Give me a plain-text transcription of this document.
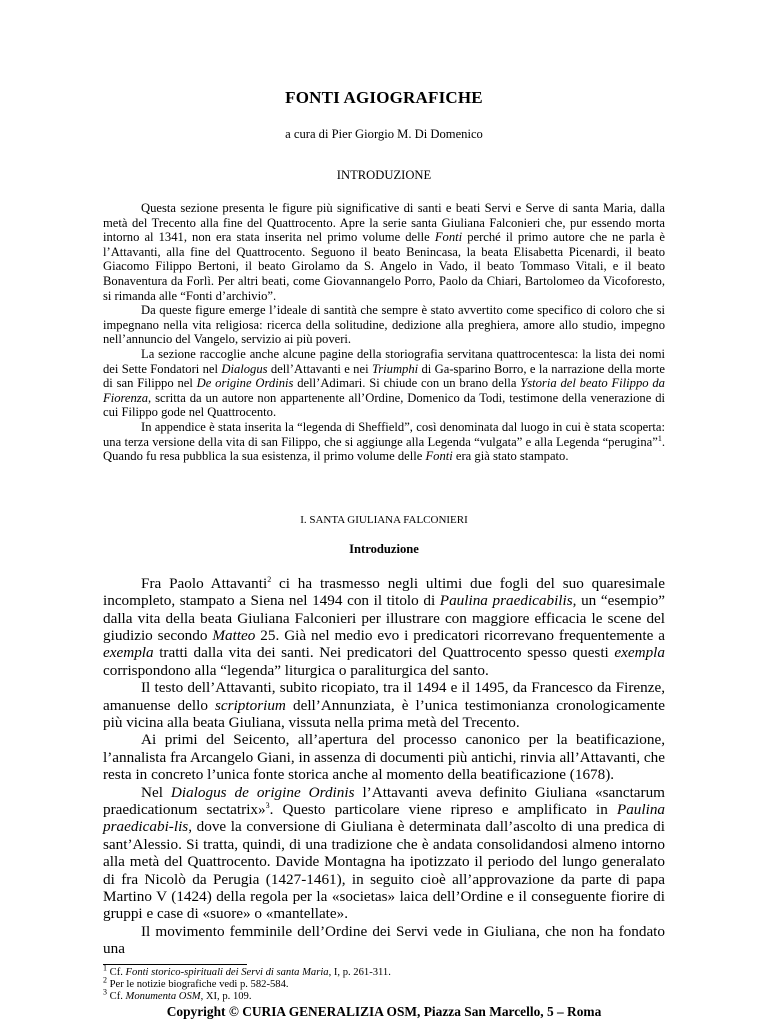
FONTI AGIOGRAFICHE
a cura di Pier Giorgio M. Di Domenico
INTRODUZIONE

Questa sezione presenta le figure più significative di santi e beati Servi e Serve di santa Maria, dalla metà del Trecento alla fine del Quattrocento. Apre la serie santa Giuliana Falconieri che, pur essendo morta intorno al 1341, non era stata inserita nel primo volume delle Fonti perché il primo autore che ne parla è l’Attavanti, alla fine del Quattrocento. Seguono il beato Benincasa, la beata Elisabetta Picenardi, il beato Giacomo Filippo Bertoni, il beato Girolamo da S. Angelo in Vado, il beato Tommaso Vitali, e il beato Bonaventura da Forlì. Per altri beati, come Giovannangelo Porro, Paolo da Chiari, Bartolomeo da Vicoforesto, si rimanda alle “Fonti d’archivio”.

Da queste figure emerge l’ideale di santità che sempre è stato avvertito come specifico di coloro che si impegnano nella vita religiosa: ricerca della solitudine, dedizione alla preghiera, amore allo studio, impegno nell’annuncio del Vangelo, servizio ai più poveri.

La sezione raccoglie anche alcune pagine della storiografia servitana quattrocentesca: la lista dei nomi dei Sette Fondatori nel Dialogus dell’Attavanti e nei Triumphi di Ga-sparino Borro, e la narrazione della morte di san Filippo nel De origine Ordinis dell’Adimari. Si chiude con un brano della Ystoria del beato Filippo da Fiorenza, scritta da un autore non appartenente all’Ordine, Domenico da Todi, testimone della venerazione di cui Filippo gode nel Quattrocento.

In appendice è stata inserita la “legenda di Sheffield”, così denominata dal luogo in cui è stata scoperta: una terza versione della vita di san Filippo, che si aggiunge alla Legenda “vulgata” e alla Legenda “perugina”$^1$. Quando fu resa pubblica la sua esistenza, il primo volume delle Fonti era già stato stampato.

I. SANTA GIULIANA FALCONIERI
Introduzione

Fra Paolo Attavanti$^2$ ci ha trasmesso negli ultimi due fogli del suo quaresimale incompleto, stampato a Siena nel 1494 con il titolo di Paulina praedicabilis, un “esempio” dalla vita della beata Giuliana Falconieri per illustrare con maggiore efficacia le scene del giudizio secondo Matteo 25. Già nel medio evo i predicatori ricorrevano frequentemente a exempla tratti dalla vita dei santi. Nei predicatori del Quattrocento spesso questi exempla corrispondono alla “legenda” liturgica o paraliturgica del santo.

Il testo dell’Attavanti, subito ricopiato, tra il 1494 e il 1495, da Francesco da Firenze, amanuense dello scriptorium dell’Annunziata, è l’unica testimonianza cronologicamente più vicina alla beata Giuliana, vissuta nella prima metà del Trecento.

Ai primi del Seicento, all’apertura del processo canonico per la beatificazione, l’annalista fra Arcangelo Giani, in assenza di documenti più antichi, rinvia all’Attavanti, che resta in concreto l’unica fonte storica anche al momento della beatificazione (1678).

Nel Dialogus de origine Ordinis l’Attavanti aveva definito Giuliana «sanctarum praedicationum sectatrix»$^3$. Questo particolare viene ripreso e amplificato in Paulina praedicabi-lis, dove la conversione di Giuliana è determinata dall’ascolto di una predica di sant’Alessio. Si tratta, quindi, di una tradizione che è andata consolidandosi almeno intorno alla metà del Quattrocento. Davide Montagna ha ipotizzato il periodo del lungo generalato di fra Nicolò da Perugia (1427-1461), in seguito cioè all’approvazione da parte di papa Martino V (1424) della regola per la «societas» laica dell’Ordine e il conseguente fiorire di gruppi e case di «suore» o «mantellate».

Il movimento femminile dell’Ordine dei Servi vede in Giuliana, che non ha fondato una

$^1$ Cf. Fonti storico-spirituali dei Servi di santa Maria, I, p. 261-311.
$^2$ Per le notizie biografiche vedi p. 582-584.
$^3$ Cf. Monumenta OSM, XI, p. 109.
Copyright © CURIA GENERALIZIA OSM, Piazza San Marcello, 5 – Roma
